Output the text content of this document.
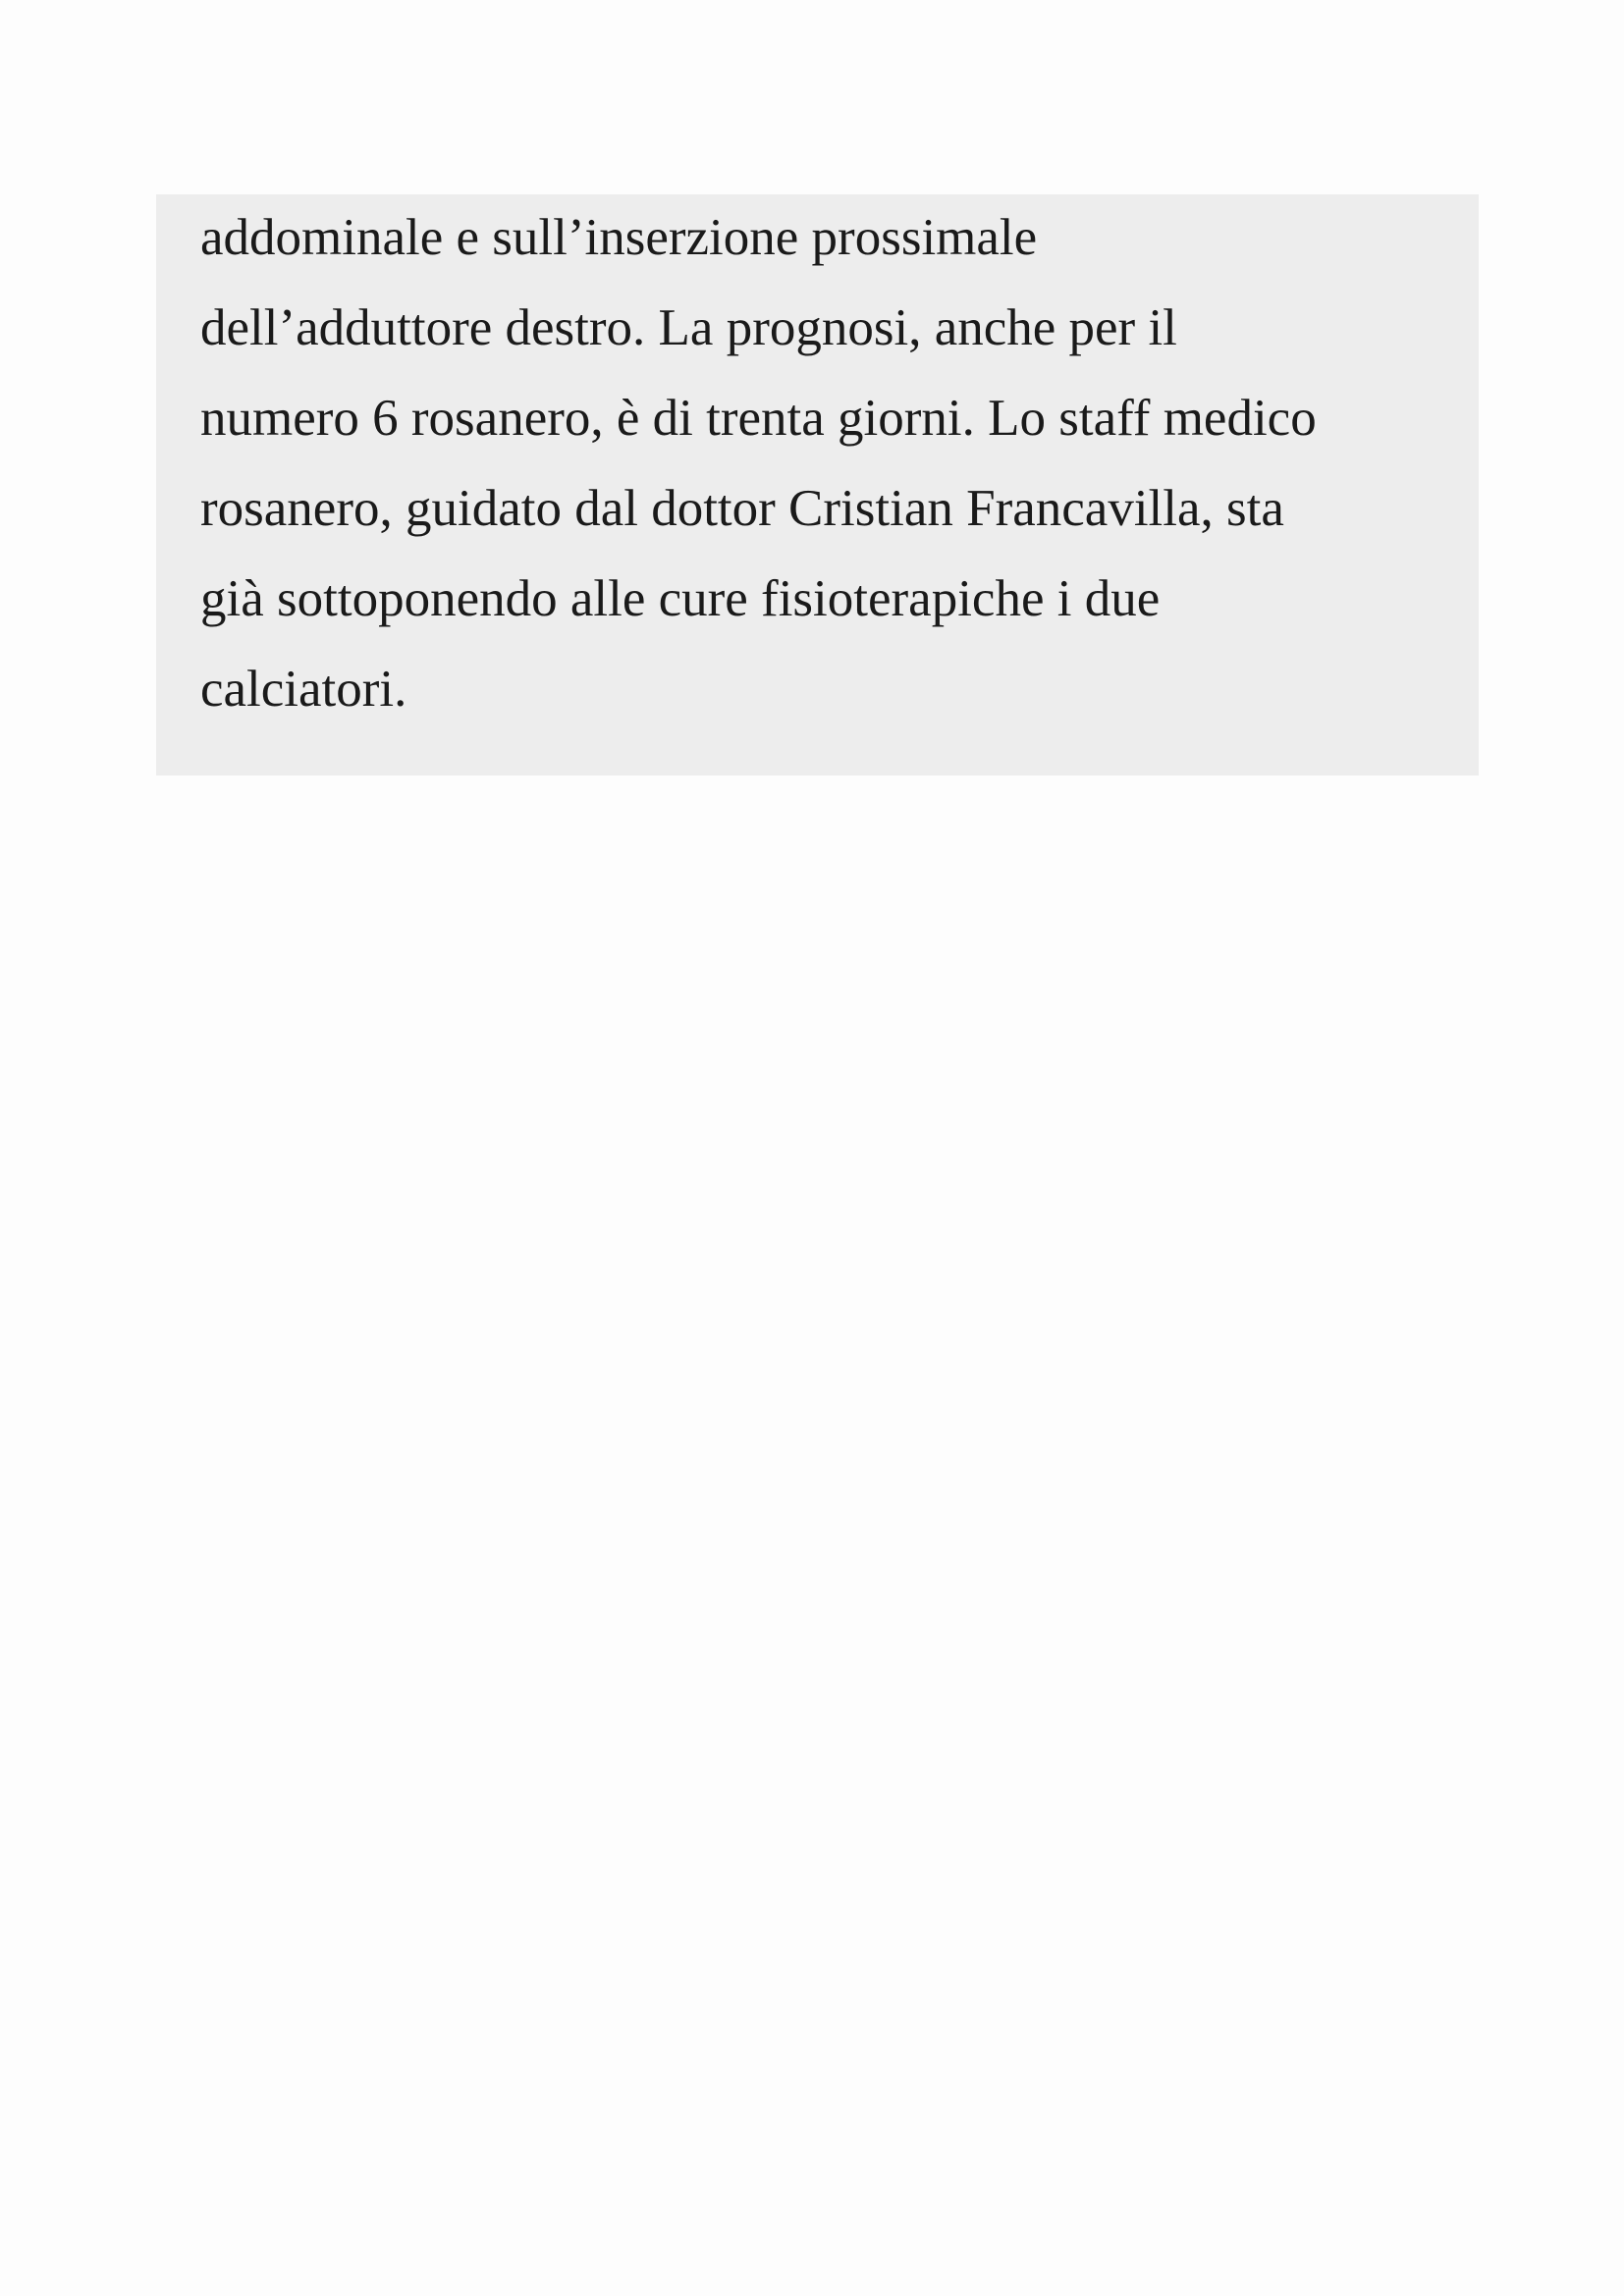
addominale e sull’inserzione prossimale
dell’adduttore destro. La prognosi, anche per il
numero 6 rosanero, è di trenta giorni. Lo staff medico
rosanero, guidato dal dottor Cristian Francavilla, sta
già sottoponendo alle cure fisioterapiche i due
calciatori.
